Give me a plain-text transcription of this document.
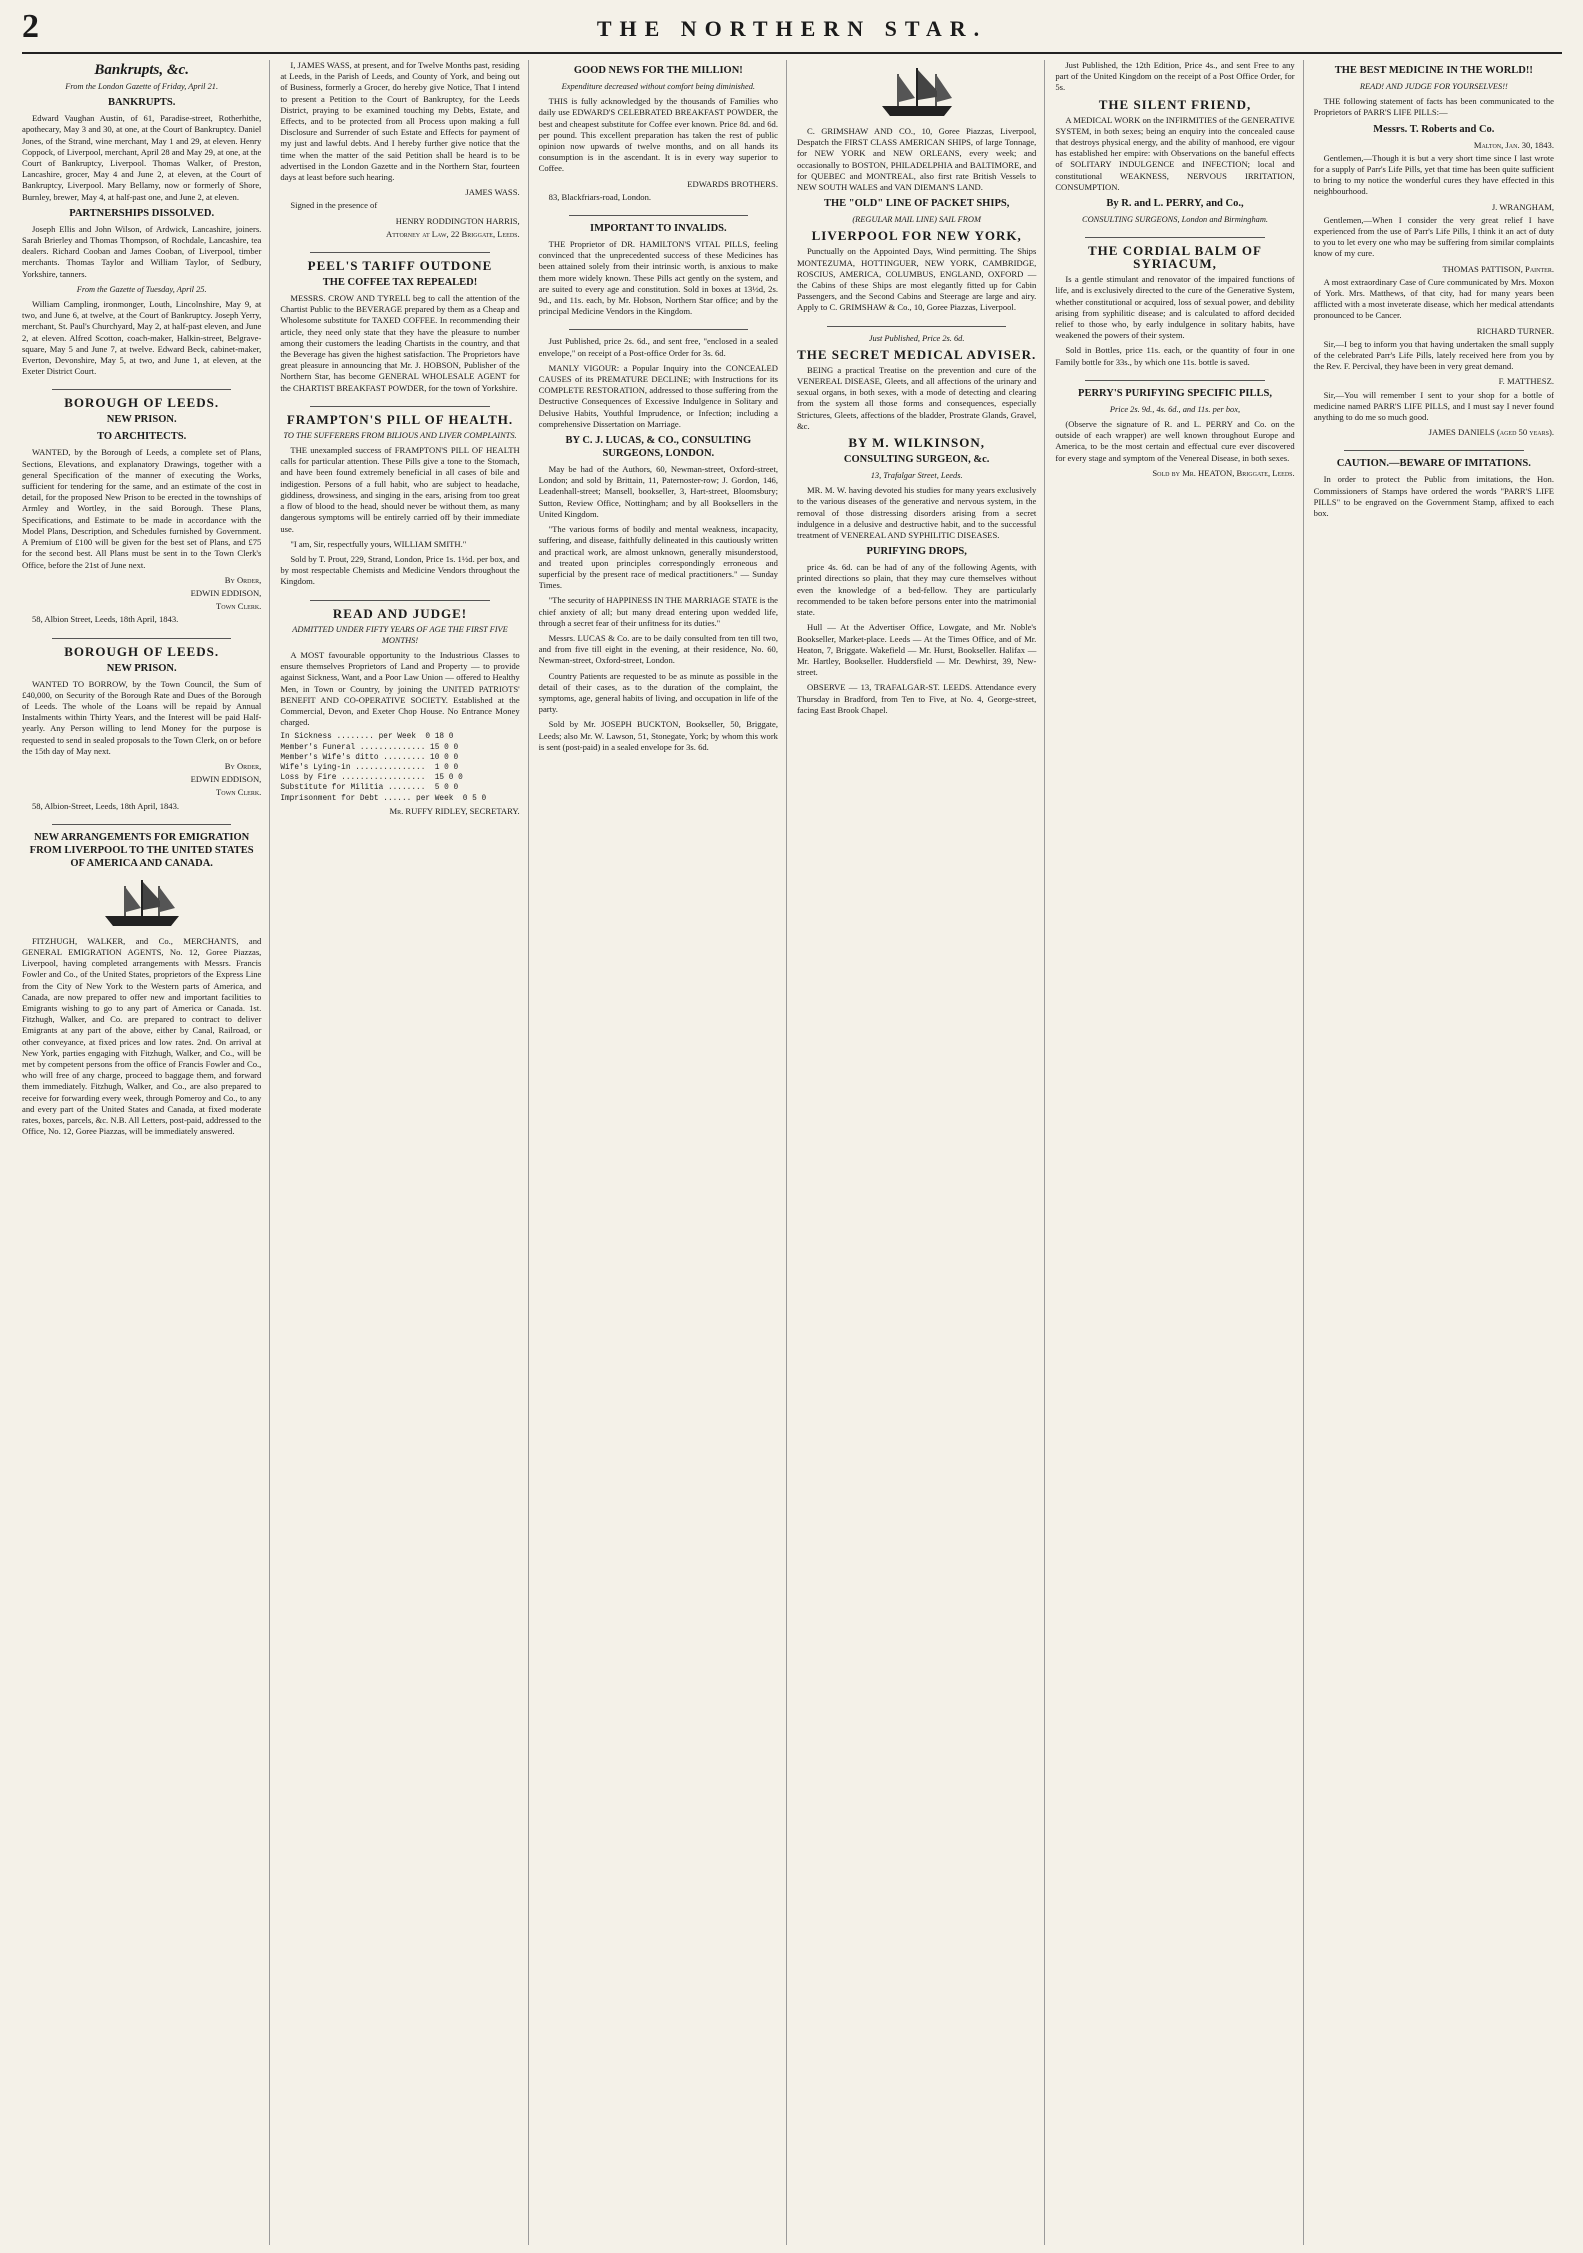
2	THE NORTHERN STAR.
Bankrupts, &c.
From the London Gazette of Friday, April 21.
BANKRUPTS.

Edward Vaughan Austin, of 61, Paradise-street, Rotherhithe, apothecary, May 3 and 30, at one, at the Court of Bankruptcy. Daniel Jones, of the Strand, wine merchant, May 1 and 29, at eleven. Henry Coppock, of Liverpool, merchant, April 28 and May 29, at one, at the Court of Bankruptcy, Liverpool. Thomas Walker, of Preston, Lancashire, grocer, May 4 and June 2, at eleven, at the Court of Bankruptcy, Liverpool. Mary Bellamy, now or formerly of Shore, Burnley, brewer, May 4, at half-past one, and June 2, at eleven.

PARTNERSHIPS DISSOLVED.

Joseph Ellis and John Wilson, of Ardwick, Lancashire, joiners. Sarah Brierley and Thomas Thompson, of Rochdale, Lancashire, tea dealers. Richard Cooban and James Cooban, of Liverpool, timber merchants. Thomas Taylor and William Taylor, of Sedbury, Yorkshire, tanners.

From the Gazette of Tuesday, April 25.

William Campling, ironmonger, Louth, Lincolnshire, May 9, at two, and June 6, at twelve, at the Court of Bankruptcy. Joseph Yerry, merchant, St. Paul's Churchyard, May 2, at half-past eleven, and June 2, at eleven. Alfred Scotton, coach-maker, Halkin-street, Belgrave-square, May 5 and June 7, at twelve. Edward Beck, cabinet-maker, Everton, Devonshire, May 5, at two, and June 1, at eleven, at the Exeter District Court.

BOROUGH OF LEEDS.
NEW PRISON.
TO ARCHITECTS.

WANTED, by the Borough of Leeds, a complete set of Plans, Sections, Elevations, and explanatory Drawings, together with a general Specification of the manner of executing the Works, sufficient for tendering for the same, and an estimate of the cost in detail, for the proposed New Prison to be erected in the townships of Armley and Wortley, in the said Borough. These Plans, Specifications, and Estimate to be made in accordance with the Model Plans, Description, and Schedules furnished by Government. A Premium of £100 will be given for the best set of Plans, and £75 for the second best. All Plans must be sent in to the Town Clerk's Office, before the 21st of June next.

By Order,
EDWIN EDDISON,
Town Clerk.

58, Albion Street, Leeds, 18th April, 1843.

BOROUGH OF LEEDS.
NEW PRISON.

WANTED TO BORROW, by the Town Council, the Sum of £40,000, on Security of the Borough Rate and Dues of the Borough of Leeds. The whole of the Loans will be repaid by Annual Instalments within Thirty Years, and the Interest will be paid Half-yearly. Any Person willing to lend Money for the purpose is requested to send in sealed proposals to the Town Clerk, on or before the 15th day of May next.

By Order,
EDWIN EDDISON,
Town Clerk.

58, Albion-Street, Leeds, 18th April, 1843.

NEW ARRANGEMENTS FOR EMIGRATION FROM LIVERPOOL TO THE UNITED STATES OF AMERICA AND CANADA.

FITZHUGH, WALKER, and Co., MERCHANTS, and GENERAL EMIGRATION AGENTS, No. 12, Goree Piazzas, Liverpool, having completed arrangements with Messrs. Francis Fowler and Co., of the United States, proprietors of the Express Line from the City of New York to the Western parts of America, and Canada, are now prepared to offer new and important facilities to Emigrants wishing to go to any part of America or Canada. 1st. Fitzhugh, Walker, and Co. are prepared to contract to deliver Emigrants at any part of the above, either by Canal, Railroad, or other conveyance, at fixed prices and low rates. 2nd. On arrival at New York, parties engaging with Fitzhugh, Walker, and Co., will be met by competent persons from the office of Francis Fowler and Co., who will free of any charge, proceed to baggage them, and forward them immediately. Fitzhugh, Walker, and Co., are also prepared to receive for forwarding every week, through Pomeroy and Co., to any and every part of the United States and Canada, at fixed moderate rates, boxes, parcels, &c. N.B. All Letters, post-paid, addressed to the Office, No. 12, Goree Piazzas, will be immediately answered.

I, JAMES WASS, at present, and for Twelve Months past, residing at Leeds, in the Parish of Leeds, and County of York, and being out of Business, formerly a Grocer, do hereby give Notice, That I intend to present a Petition to the Court of Bankruptcy, for the Leeds District, praying to be examined touching my Debts, Estate, and Effects, and to be protected from all Process upon making a full Disclosure and Surrender of such Estate and Effects for payment of my just and lawful debts. And I hereby further give notice that the time when the matter of the said Petition shall be heard is to be advertised in the London Gazette and in the Northern Star, fourteen days at least before such hearing.

JAMES WASS.

Signed in the presence of

HENRY RODDINGTON HARRIS,
Attorney at Law, 22 Briggate, Leeds.
PEEL'S TARIFF OUTDONE
THE COFFEE TAX REPEALED!

MESSRS. CROW AND TYRELL beg to call the attention of the Chartist Public to the BEVERAGE prepared by them as a Cheap and Wholesome substitute for TAXED COFFEE. In recommending their article, they need only state that they have the pleasure to number among their customers the leading Chartists in the country, and that the Beverage has given the highest satisfaction. The Proprietors have great pleasure in announcing that Mr. J. HOBSON, Publisher of the Northern Star, has become GENERAL WHOLESALE AGENT for the CHARTIST BREAKFAST POWDER, for the town of Yorkshire.

FRAMPTON'S PILL OF HEALTH.
TO THE SUFFERERS FROM BILIOUS AND LIVER COMPLAINTS.

THE unexampled success of FRAMPTON'S PILL OF HEALTH calls for particular attention. These Pills give a tone to the Stomach, and have been found extremely beneficial in all cases of bile and indigestion. Persons of a full habit, who are subject to headache, giddiness, drowsiness, and singing in the ears, arising from too great a flow of blood to the head, should never be without them, as many dangerous symptoms will be entirely carried off by their immediate use.

"I am, Sir, respectfully yours, WILLIAM SMITH."

Sold by T. Prout, 229, Strand, London, Price 1s. 1½d. per box, and by most respectable Chemists and Medicine Vendors throughout the Kingdom.

READ AND JUDGE!
ADMITTED UNDER FIFTY YEARS OF AGE THE FIRST FIVE MONTHS!

A MOST favourable opportunity to the Industrious Classes to ensure themselves Proprietors of Land and Property — to provide against Sickness, Want, and a Poor Law Union — offered to Healthy Men, in Town or Country, by joining the UNITED PATRIOTS' BENEFIT AND CO-OPERATIVE SOCIETY. Established at the Commercial, Devon, and Exeter Chop House. No Entrance Money charged.

In Sickness ........ per Week  0 18 0
Member's Funeral .............. 15 0 0
Member's Wife's ditto ......... 10 0 0
Wife's Lying-in ...............  1 0 0
Loss by Fire ..................  15 0 0
Substitute for Militia ........  5 0 0
Imprisonment for Debt ...... per Week  0 5 0
Mr. RUFFY RIDLEY, SECRETARY.
GOOD NEWS FOR THE MILLION!
Expenditure decreased without comfort being diminished.

THIS is fully acknowledged by the thousands of Families who daily use EDWARD'S CELEBRATED BREAKFAST POWDER, the best and cheapest substitute for Coffee ever known. Price 8d. and 6d. per pound. This excellent preparation has taken the rest of public opinion now upwards of twelve months, and on all hands its consumption is in the ascendant. It is in every way superior to Coffee.

EDWARDS BROTHERS.

83, Blackfriars-road, London.

IMPORTANT TO INVALIDS.

THE Proprietor of DR. HAMILTON'S VITAL PILLS, feeling convinced that the unprecedented success of these Medicines has been attained solely from their intrinsic worth, is anxious to make them more widely known. These Pills act gently on the system, and are suited to every age and constitution. Sold in boxes at 13½d, 2s. 9d., and 11s. each, by Mr. Hobson, Northern Star office; and by the principal Medicine Vendors in the Kingdom.

Just Published, price 2s. 6d., and sent free, "enclosed in a sealed envelope," on receipt of a Post-office Order for 3s. 6d.

MANLY VIGOUR: a Popular Inquiry into the CONCEALED CAUSES of its PREMATURE DECLINE; with Instructions for its COMPLETE RESTORATION, addressed to those suffering from the Destructive Consequences of Excessive Indulgence in Solitary and Delusive Habits, Youthful Imprudence, or Infection; including a comprehensive Dissertation on Marriage.

BY C. J. LUCAS, & CO., CONSULTING SURGEONS, LONDON.

May be had of the Authors, 60, Newman-street, Oxford-street, London; and sold by Brittain, 11, Paternoster-row; J. Gordon, 146, Leadenhall-street; Mansell, bookseller, 3, Hart-street, Bloomsbury; Sutton, Review Office, Nottingham; and by all Booksellers in the United Kingdom.

"The various forms of bodily and mental weakness, incapacity, suffering, and disease, faithfully delineated in this cautiously written and practical work, are almost unknown, generally misunderstood, and treated upon principles correspondingly erroneous and superficial by the present race of medical practitioners." — Sunday Times.

"The security of HAPPINESS IN THE MARRIAGE STATE is the chief anxiety of all; but many dread entering upon wedded life, through a secret fear of their unfitness for its duties."

Messrs. LUCAS & Co. are to be daily consulted from ten till two, and from five till eight in the evening, at their residence, No. 60, Newman-street, Oxford-street, London.

Country Patients are requested to be as minute as possible in the detail of their cases, as to the duration of the complaint, the symptoms, age, general habits of living, and occupation in life of the party.

Sold by Mr. JOSEPH BUCKTON, Bookseller, 50, Briggate, Leeds; also Mr. W. Lawson, 51, Stonegate, York; by whom this work is sent (post-paid) in a sealed envelope for 3s. 6d.

C. GRIMSHAW AND CO., 10, Goree Piazzas, Liverpool, Despatch the FIRST CLASS AMERICAN SHIPS, of large Tonnage, for NEW YORK and NEW ORLEANS, every week; and occasionally to BOSTON, PHILADELPHIA and BALTIMORE, and for QUEBEC and MONTREAL, also first rate British Vessels to NEW SOUTH WALES and VAN DIEMAN'S LAND.

THE "OLD" LINE OF PACKET SHIPS,
(REGULAR MAIL LINE) SAIL FROM
LIVERPOOL FOR NEW YORK,

Punctually on the Appointed Days, Wind permitting. The Ships MONTEZUMA, HOTTINGUER, NEW YORK, CAMBRIDGE, ROSCIUS, AMERICA, COLUMBUS, ENGLAND, OXFORD — the Cabins of these Ships are most elegantly fitted up for Cabin Passengers, and the Second Cabins and Steerage are large and airy. Apply to C. GRIMSHAW & Co., 10, Goree Piazzas, Liverpool.

Just Published, Price 2s. 6d.
THE SECRET MEDICAL ADVISER.

BEING a practical Treatise on the prevention and cure of the VENEREAL DISEASE, Gleets, and all affections of the urinary and sexual organs, in both sexes, with a mode of detecting and clearing from the system all those forms and consequences, especially Strictures, Gleets, affections of the bladder, Prostrate Glands, Gravel, &c.

BY M. WILKINSON,
CONSULTING SURGEON, &c.
13, Trafalgar Street, Leeds.

MR. M. W. having devoted his studies for many years exclusively to the various diseases of the generative and nervous system, in the removal of those distressing disorders arising from a secret indulgence in a delusive and destructive habit, and to the successful treatment of VENEREAL AND SYPHILITIC DISEASES.

PURIFYING DROPS,

price 4s. 6d. can be had of any of the following Agents, with printed directions so plain, that they may cure themselves without even the knowledge of a bed-fellow. They are particularly recommended to be taken before persons enter into the matrimonial state.

Hull — At the Advertiser Office, Lowgate, and Mr. Noble's Bookseller, Market-place. Leeds — At the Times Office, and of Mr. Heaton, 7, Briggate. Wakefield — Mr. Hurst, Bookseller. Halifax — Mr. Hartley, Bookseller. Huddersfield — Mr. Dewhirst, 39, New-street.

OBSERVE — 13, TRAFALGAR-ST. LEEDS. Attendance every Thursday in Bradford, from Ten to Five, at No. 4, George-street, facing East Brook Chapel.

Just Published, the 12th Edition, Price 4s., and sent Free to any part of the United Kingdom on the receipt of a Post Office Order, for 5s.

THE SILENT FRIEND,

A MEDICAL WORK on the INFIRMITIES of the GENERATIVE SYSTEM, in both sexes; being an enquiry into the concealed cause that destroys physical energy, and the ability of manhood, ere vigour has established her empire: with Observations on the baneful effects of SOLITARY INDULGENCE and INFECTION; local and constitutional WEAKNESS, NERVOUS IRRITATION, CONSUMPTION.

By R. and L. PERRY, and Co.,
CONSULTING SURGEONS, London and Birmingham.
THE CORDIAL BALM OF SYRIACUM,

Is a gentle stimulant and renovator of the impaired functions of life, and is exclusively directed to the cure of the Generative System, whether constitutional or acquired, loss of sexual power, and debility arising from syphilitic disease; and is calculated to afford decided relief to those who, by early indulgence in solitary habits, have weakened the powers of their system.

Sold in Bottles, price 11s. each, or the quantity of four in one Family bottle for 33s., by which one 11s. bottle is saved.

PERRY'S PURIFYING SPECIFIC PILLS,
Price 2s. 9d., 4s. 6d., and 11s. per box,

(Observe the signature of R. and L. PERRY and Co. on the outside of each wrapper) are well known throughout Europe and America, to be the most certain and effectual cure ever discovered for every stage and symptom of the Venereal Disease, in both sexes.

Sold by Mr. HEATON, Briggate, Leeds.
THE BEST MEDICINE IN THE WORLD!!
READ! AND JUDGE FOR YOURSELVES!!

THE following statement of facts has been communicated to the Proprietors of PARR'S LIFE PILLS:—

Messrs. T. Roberts and Co.
Malton, Jan. 30, 1843.

Gentlemen,—Though it is but a very short time since I last wrote for a supply of Parr's Life Pills, yet that time has been quite sufficient to bring to my notice the wonderful cures they have effected in this neighbourhood.

J. WRANGHAM,

Gentlemen,—When I consider the very great relief I have experienced from the use of Parr's Life Pills, I think it an act of duty to you to let every one who may be suffering from similar complaints know of my cure.

THOMAS PATTISON, Painter.

A most extraordinary Case of Cure communicated by Mrs. Moxon of York. Mrs. Matthews, of that city, had for many years been afflicted with a most inveterate disease, which her medical attendants pronounced to be Cancer.

RICHARD TURNER.

Sir,—I beg to inform you that having undertaken the small supply of the celebrated Parr's Life Pills, lately received here from you by the Rev. F. Percival, they have been in very great demand.

F. MATTHESZ.

Sir,—You will remember I sent to your shop for a bottle of medicine named PARR'S LIFE PILLS, and I must say I never found anything to do me so much good.

JAMES DANIELS (aged 50 years).
CAUTION.—BEWARE OF IMITATIONS.

In order to protect the Public from imitations, the Hon. Commissioners of Stamps have ordered the words "PARR'S LIFE PILLS" to be engraved on the Government Stamp, affixed to each box.
